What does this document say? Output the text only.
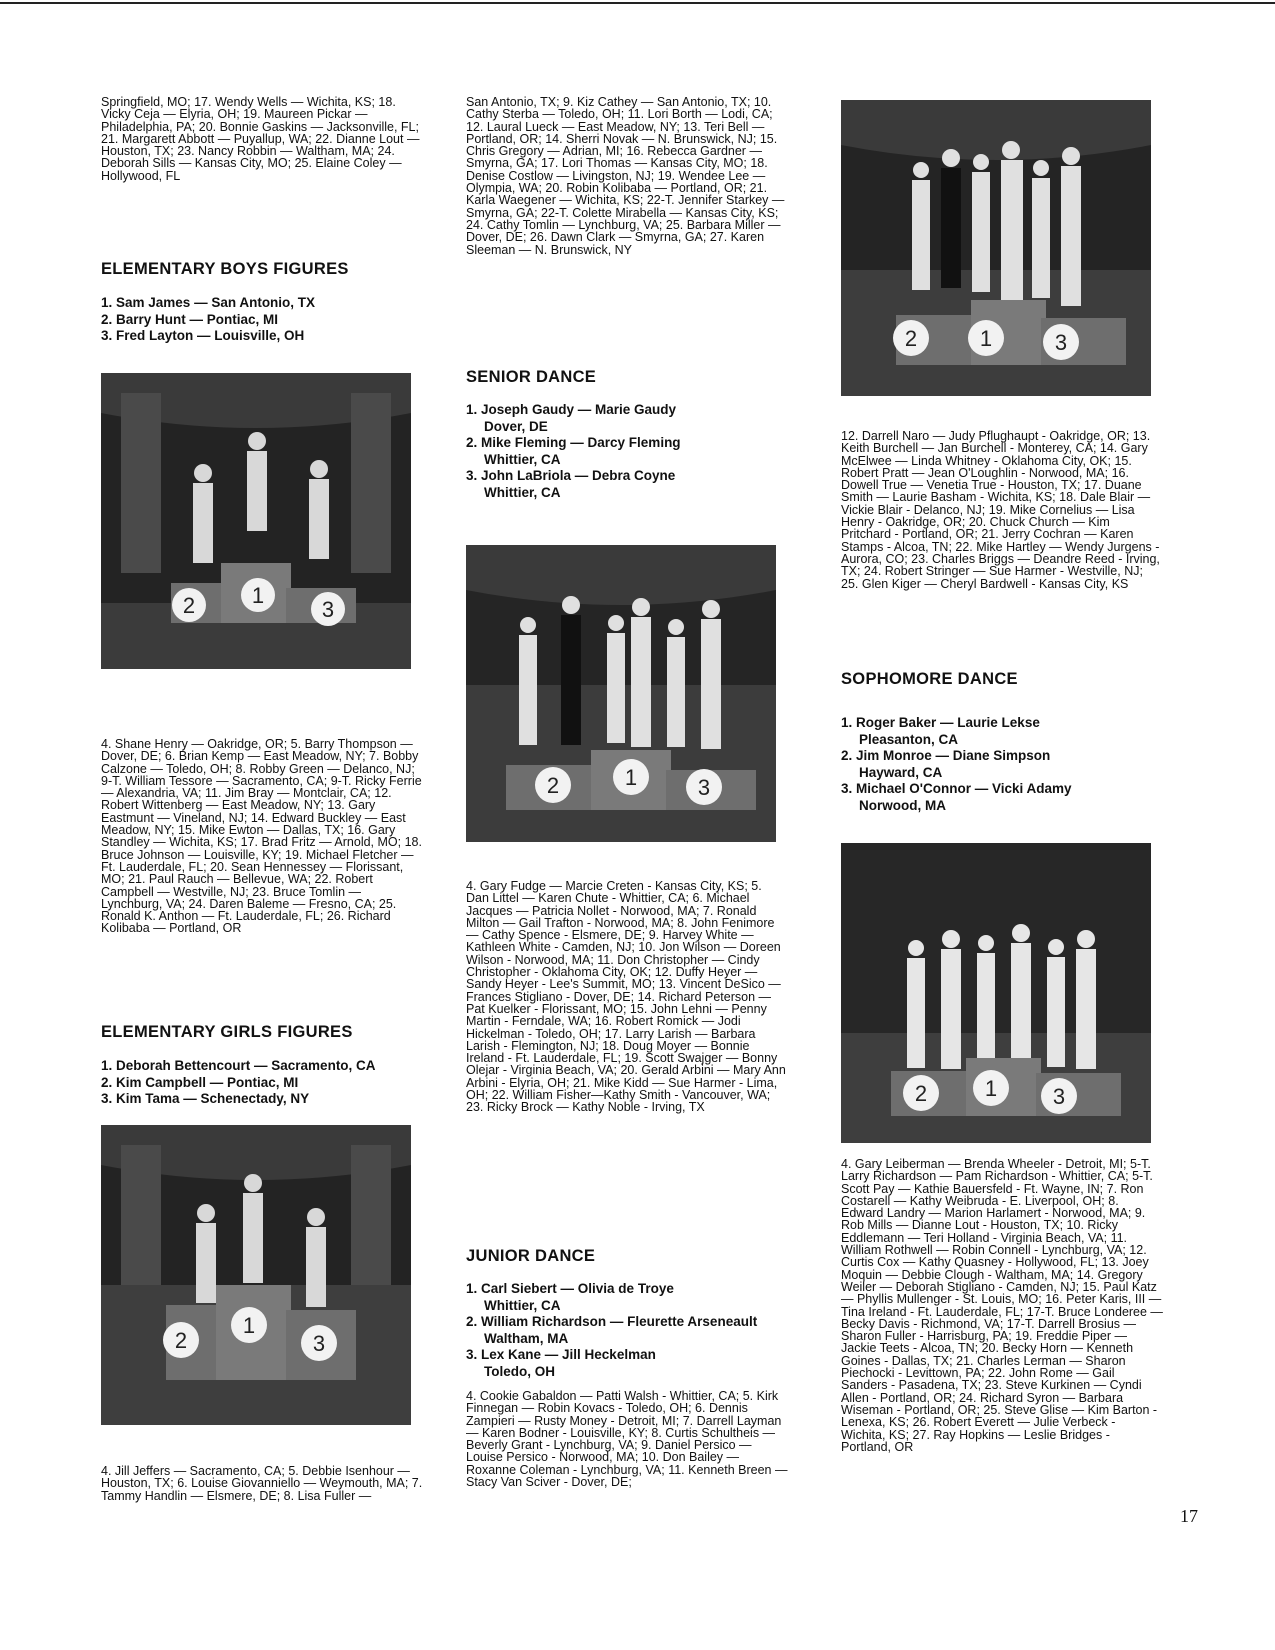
Springfield, MO; 17. Wendy Wells — Wichita, KS; 18. Vicky Ceja — Elyria, OH; 19. Maureen Pickar — Philadelphia, PA; 20. Bonnie Gaskins — Jacksonville, FL; 21. Margarett Abbott — Puyallup, WA; 22. Dianne Lout — Houston, TX; 23. Nancy Robbin — Waltham, MA; 24. Deborah Sills — Kansas City, MO; 25. Elaine Coley — Hollywood, FL

ELEMENTARY BOYS FIGURES
1. Sam James — San Antonio, TX
2. Barry Hunt — Pontiac, MI
3. Fred Layton — Louisville, OH
2	1
3

4. Shane Henry — Oakridge, OR; 5. Barry Thompson — Dover, DE; 6. Brian Kemp — East Meadow, NY; 7. Bobby Calzone — Toledo, OH; 8. Robby Green — Delanco, NJ; 9-T. William Tessore — Sacramento, CA; 9-T. Ricky Ferrie — Alexandria, VA; 11. Jim Bray — Montclair, CA; 12. Robert Wittenberg — East Meadow, NY; 13. Gary Eastmunt — Vineland, NJ; 14. Edward Buckley — East Meadow, NY; 15. Mike Ewton — Dallas, TX; 16. Gary Standley — Wichita, KS; 17. Brad Fritz — Arnold, MO; 18. Bruce Johnson — Louisville, KY; 19. Michael Fletcher — Ft. Lauderdale, FL; 20. Sean Hennessey — Florissant, MO; 21. Paul Rauch — Bellevue, WA; 22. Robert Campbell — Westville, NJ; 23. Bruce Tomlin — Lynchburg, VA; 24. Daren Baleme — Fresno, CA; 25. Ronald K. Anthon — Ft. Lauderdale, FL; 26. Richard Kolibaba — Portland, OR

ELEMENTARY GIRLS FIGURES
1. Deborah Bettencourt — Sacramento, CA
2. Kim Campbell — Pontiac, MI
3. Kim Tama — Schenectady, NY
2
1
3

4. Jill Jeffers — Sacramento, CA; 5. Debbie Isenhour — Houston, TX; 6. Louise Giovanniello — Weymouth, MA; 7. Tammy Handlin — Elsmere, DE; 8. Lisa Fuller —

San Antonio, TX; 9. Kiz Cathey — San Antonio, TX; 10. Cathy Sterba — Toledo, OH; 11. Lori Borth — Lodi, CA; 12. Laural Lueck — East Meadow, NY; 13. Teri Bell — Portland, OR; 14. Sherri Novak — N. Brunswick, NJ; 15. Chris Gregory — Adrian, MI; 16. Rebecca Gardner — Smyrna, GA; 17. Lori Thomas — Kansas City, MO; 18. Denise Costlow — Livingston, NJ; 19. Wendee Lee — Olympia, WA; 20. Robin Kolibaba — Portland, OR; 21. Karla Waegener — Wichita, KS; 22-T. Jennifer Starkey — Smyrna, GA; 22-T. Colette Mirabella — Kansas City, KS; 24. Cathy Tomlin — Lynchburg, VA; 25. Barbara Miller — Dover, DE; 26. Dawn Clark — Smyrna, GA; 27. Karen Sleeman — N. Brunswick, NY

SENIOR DANCE
1. Joseph Gaudy — Marie Gaudy
Dover, DE
2. Mike Fleming — Darcy Fleming
Whittier, CA
3. John LaBriola — Debra Coyne
Whittier, CA
2	1	3

4. Gary Fudge — Marcie Creten - Kansas City, KS; 5. Dan Littel — Karen Chute - Whittier, CA; 6. Michael Jacques — Patricia Nollet - Norwood, MA; 7. Ronald Milton — Gail Trafton - Norwood, MA; 8. John Fenimore — Cathy Spence - Elsmere, DE; 9. Harvey White — Kathleen White - Camden, NJ; 10. Jon Wilson — Doreen Wilson - Norwood, MA; 11. Don Christopher — Cindy Christopher - Oklahoma City, OK; 12. Duffy Heyer — Sandy Heyer - Lee's Summit, MO; 13. Vincent DeSico — Frances Stigliano - Dover, DE; 14. Richard Peterson — Pat Kuelker - Florissant, MO; 15. John Lehni — Penny Martin - Ferndale, WA; 16. Robert Romick — Jodi Hickelman - Toledo, OH; 17. Larry Larish — Barbara Larish - Flemington, NJ; 18. Doug Moyer — Bonnie Ireland - Ft. Lauderdale, FL; 19. Scott Swajger — Bonny Olejar - Virginia Beach, VA; 20. Gerald Arbini — Mary Ann Arbini - Elyria, OH; 21. Mike Kidd — Sue Harmer - Lima, OH; 22. William Fisher—Kathy Smith - Vancouver, WA; 23. Ricky Brock — Kathy Noble - Irving, TX

JUNIOR DANCE
1. Carl Siebert — Olivia de Troye
Whittier, CA
2. William Richardson — Fleurette Arseneault
Waltham, MA
3. Lex Kane — Jill Heckelman
Toledo, OH

4. Cookie Gabaldon — Patti Walsh - Whittier, CA; 5. Kirk Finnegan — Robin Kovacs - Toledo, OH; 6. Dennis Zampieri — Rusty Money - Detroit, MI; 7. Darrell Layman — Karen Bodner - Louisville, KY; 8. Curtis Schultheis — Beverly Grant - Lynchburg, VA; 9. Daniel Persico — Louise Persico - Norwood, MA; 10. Don Bailey — Roxanne Coleman - Lynchburg, VA; 11. Kenneth Breen — Stacy Van Sciver - Dover, DE;

2	1	3

12. Darrell Naro — Judy Pflughaupt - Oakridge, OR; 13. Keith Burchell — Jan Burchell - Monterey, CA; 14. Gary McElwee — Linda Whitney - Oklahoma City, OK; 15. Robert Pratt — Jean O'Loughlin - Norwood, MA; 16. Dowell True — Venetia True - Houston, TX; 17. Duane Smith — Laurie Basham - Wichita, KS; 18. Dale Blair — Vickie Blair - Delanco, NJ; 19. Mike Cornelius — Lisa Henry - Oakridge, OR; 20. Chuck Church — Kim Pritchard - Portland, OR; 21. Jerry Cochran — Karen Stamps - Alcoa, TN; 22. Mike Hartley — Wendy Jurgens - Aurora, CO; 23. Charles Briggs — Deandre Reed - Irving, TX; 24. Robert Stringer — Sue Harmer - Westville, NJ; 25. Glen Kiger — Cheryl Bardwell - Kansas City, KS

SOPHOMORE DANCE
1. Roger Baker — Laurie Lekse
Pleasanton, CA
2. Jim Monroe — Diane Simpson
Hayward, CA
3. Michael O'Connor — Vicki Adamy
Norwood, MA
2	1	3

4. Gary Leiberman — Brenda Wheeler - Detroit, MI; 5-T. Larry Richardson — Pam Richardson - Whittier, CA; 5-T. Scott Pay — Kathie Bauersfeld - Ft. Wayne, IN; 7. Ron Costarell — Kathy Weibruda - E. Liverpool, OH; 8. Edward Landry — Marion Harlamert - Norwood, MA; 9. Rob Mills — Dianne Lout - Houston, TX; 10. Ricky Eddlemann — Teri Holland - Virginia Beach, VA; 11. William Rothwell — Robin Connell - Lynchburg, VA; 12. Curtis Cox — Kathy Quasney - Hollywood, FL; 13. Joey Moquin — Debbie Clough - Waltham, MA; 14. Gregory Weiler — Deborah Stigliano - Camden, NJ; 15. Paul Katz — Phyllis Mullenger - St. Louis, MO; 16. Peter Karis, III — Tina Ireland - Ft. Lauderdale, FL; 17-T. Bruce Londeree — Becky Davis - Richmond, VA; 17-T. Darrell Brosius — Sharon Fuller - Harrisburg, PA; 19. Freddie Piper — Jackie Teets - Alcoa, TN; 20. Becky Horn — Kenneth Goines - Dallas, TX; 21. Charles Lerman — Sharon Piechocki - Levittown, PA; 22. John Rome — Gail Sanders - Pasadena, TX; 23. Steve Kurkinen — Cyndi Allen - Portland, OR; 24. Richard Syron — Barbara Wiseman - Portland, OR; 25. Steve Glise — Kim Barton - Lenexa, KS; 26. Robert Everett — Julie Verbeck - Wichita, KS; 27. Ray Hopkins — Leslie Bridges - Portland, OR

17
